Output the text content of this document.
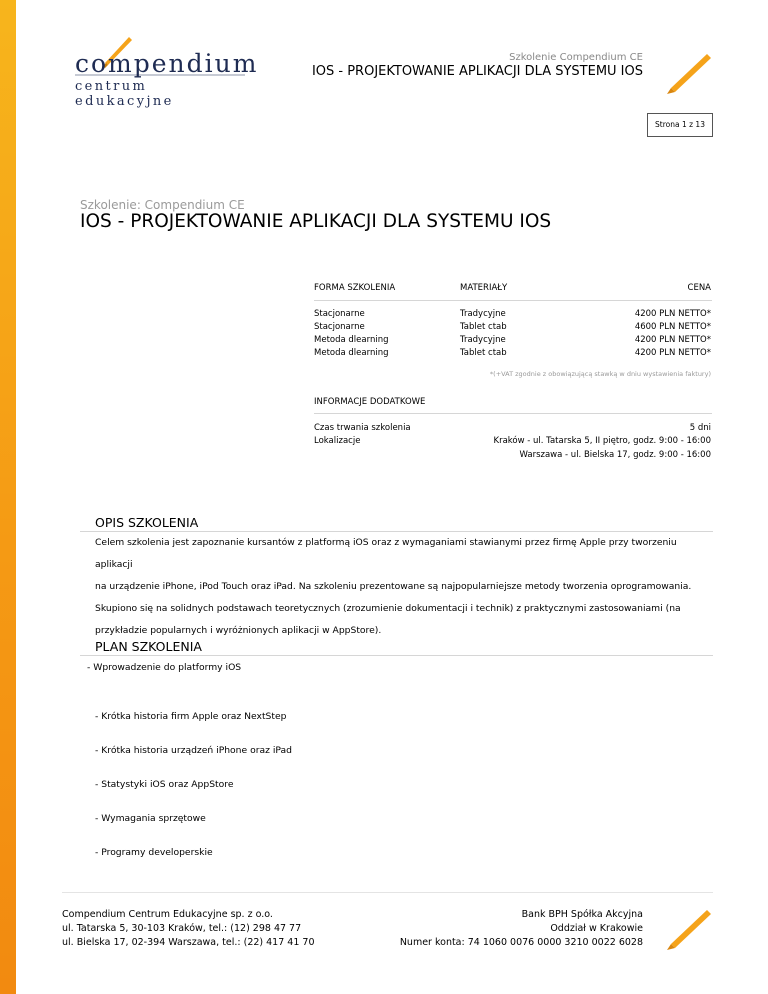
compendium
centrum edukacyjne
Szkolenie Compendium CE
IOS - PROJEKTOWANIE APLIKACJI DLA SYSTEMU IOS
Strona 1 z 13
Szkolenie: Compendium CE
IOS - PROJEKTOWANIE APLIKACJI DLA SYSTEMU IOS
FORMA SZKOLENIA	MATERIAŁY	CENA
Stacjonarne	Tradycyjne	4200 PLN NETTO*
Stacjonarne	Tablet ctab	4600 PLN NETTO*
Metoda dlearning	Tradycyjne	4200 PLN NETTO*
Metoda dlearning	Tablet ctab	4200 PLN NETTO*
*(+VAT zgodnie z obowiązującą stawką w dniu wystawienia faktury)
INFORMACJE DODATKOWE
Czas trwania szkolenia	5 dni
Lokalizacje	Kraków - ul. Tatarska 5, II piętro, godz. 9:00 - 16:00
Warszawa - ul. Bielska 17, godz. 9:00 - 16:00
OPIS SZKOLENIA
Celem szkolenia jest zapoznanie kursantów z platformą iOS oraz z wymaganiami stawianymi przez firmę Apple przy tworzeniu aplikacji
na urządzenie iPhone, iPod Touch oraz iPad. Na szkoleniu prezentowane są najpopularniejsze metody tworzenia oprogramowania.
Skupiono się na solidnych podstawach teoretycznych (zrozumienie dokumentacji i technik) z praktycznymi zastosowaniami (na
przykładzie popularnych i wyróżnionych aplikacji w AppStore).
PLAN SZKOLENIA
- Wprowadzenie do platformy iOS
- Krótka historia firm Apple oraz NextStep
- Krótka historia urządzeń iPhone oraz iPad
- Statystyki iOS oraz AppStore
- Wymagania sprzętowe
- Programy developerskie
Compendium Centrum Edukacyjne sp. z o.o.
ul. Tatarska 5, 30-103 Kraków, tel.: (12) 298 47 77
ul. Bielska 17, 02-394 Warszawa, tel.: (22) 417 41 70
Bank BPH Spółka Akcyjna
Oddział w Krakowie
Numer konta: 74 1060 0076 0000 3210 0022 6028
